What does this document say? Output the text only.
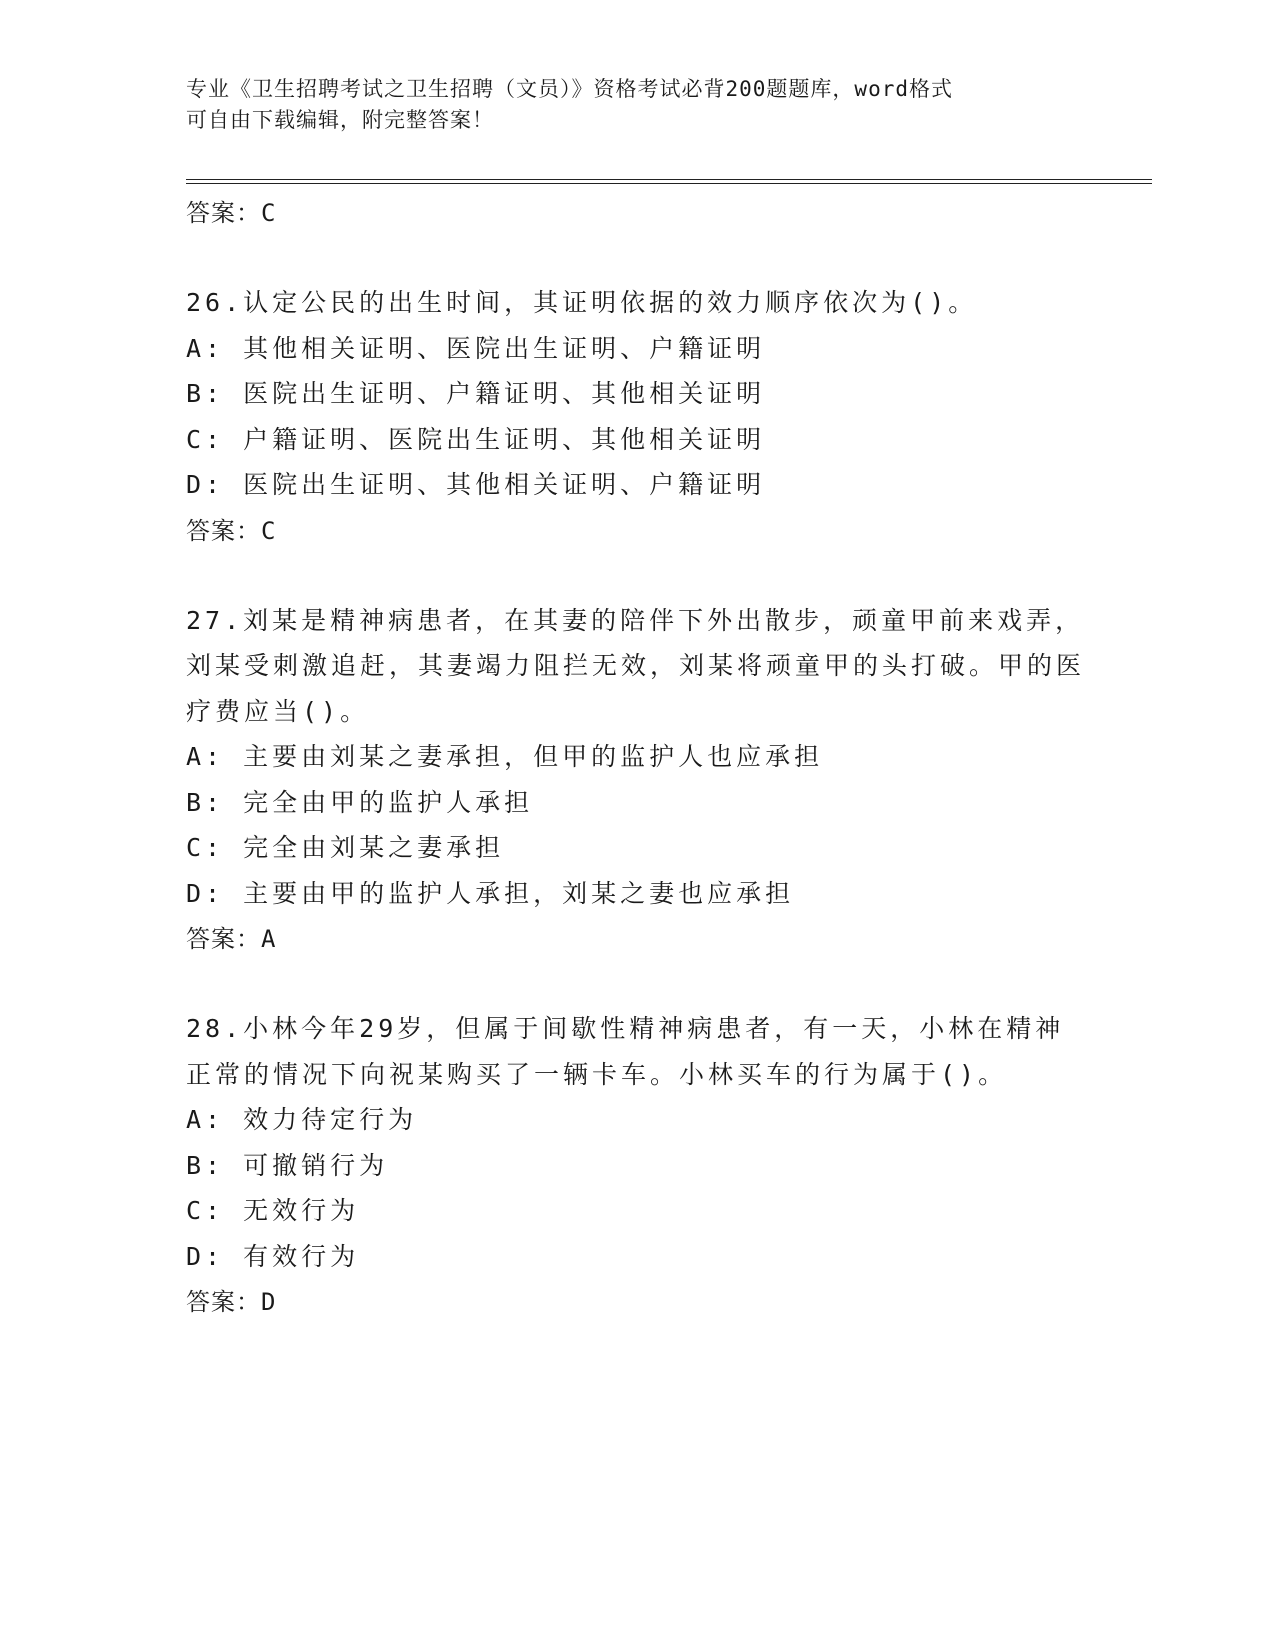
专业《卫生招聘考试之卫生招聘（文员）》资格考试必背200题题库，word格式
可自由下载编辑，附完整答案！
答案：C
26.认定公民的出生时间，其证明依据的效力顺序依次为()。
A: 其他相关证明、医院出生证明、户籍证明
B: 医院出生证明、户籍证明、其他相关证明
C: 户籍证明、医院出生证明、其他相关证明
D: 医院出生证明、其他相关证明、户籍证明
答案：C
27.刘某是精神病患者，在其妻的陪伴下外出散步，顽童甲前来戏弄，刘某受刺激追赶，其妻竭力阻拦无效，刘某将顽童甲的头打破。甲的医疗费应当()。
A: 主要由刘某之妻承担，但甲的监护人也应承担
B: 完全由甲的监护人承担
C: 完全由刘某之妻承担
D: 主要由甲的监护人承担，刘某之妻也应承担
答案：A
28.小林今年29岁，但属于间歇性精神病患者，有一天，小林在精神正常的情况下向祝某购买了一辆卡车。小林买车的行为属于()。
A: 效力待定行为
B: 可撤销行为
C: 无效行为
D: 有效行为
答案：D
